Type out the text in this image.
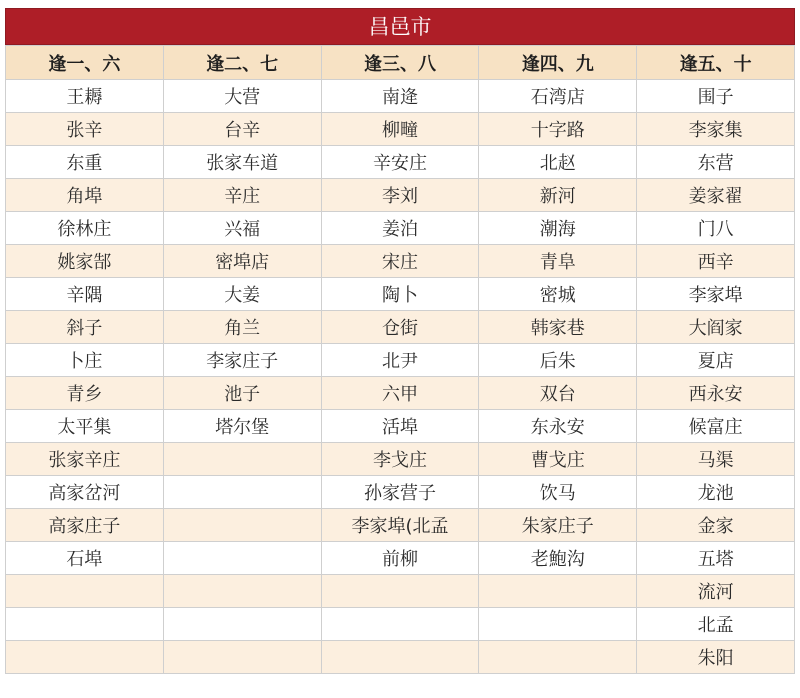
昌邑市
逢一、六	逢二、七	逢三、八	逢四、九	逢五、十
王耨	大营	南逄	石湾店	围子
张辛	台辛	柳疃	十字路	李家集
东重	张家车道	辛安庄	北赵	东营
角埠	辛庄	李刘	新河	姜家翟
徐林庄	兴福	姜泊	潮海	门八
姚家郜	密埠店	宋庄	青阜	西辛
辛隅	大姜	陶卜	密城	李家埠
斜子	角兰	仓街	韩家巷	大阎家
卜庄	李家庄子	北尹	后朱	夏店
青乡	池子	六甲	双台	西永安
太平集	塔尔堡	活埠	东永安	候富庄
张家辛庄		李戈庄	曹戈庄	马渠
高家岔河		孙家营子	饮马	龙池
高家庄子		李家埠(北孟	朱家庄子	金家
石埠		前柳	老鮑沟	五塔
				流河
				北孟
				朱阳
